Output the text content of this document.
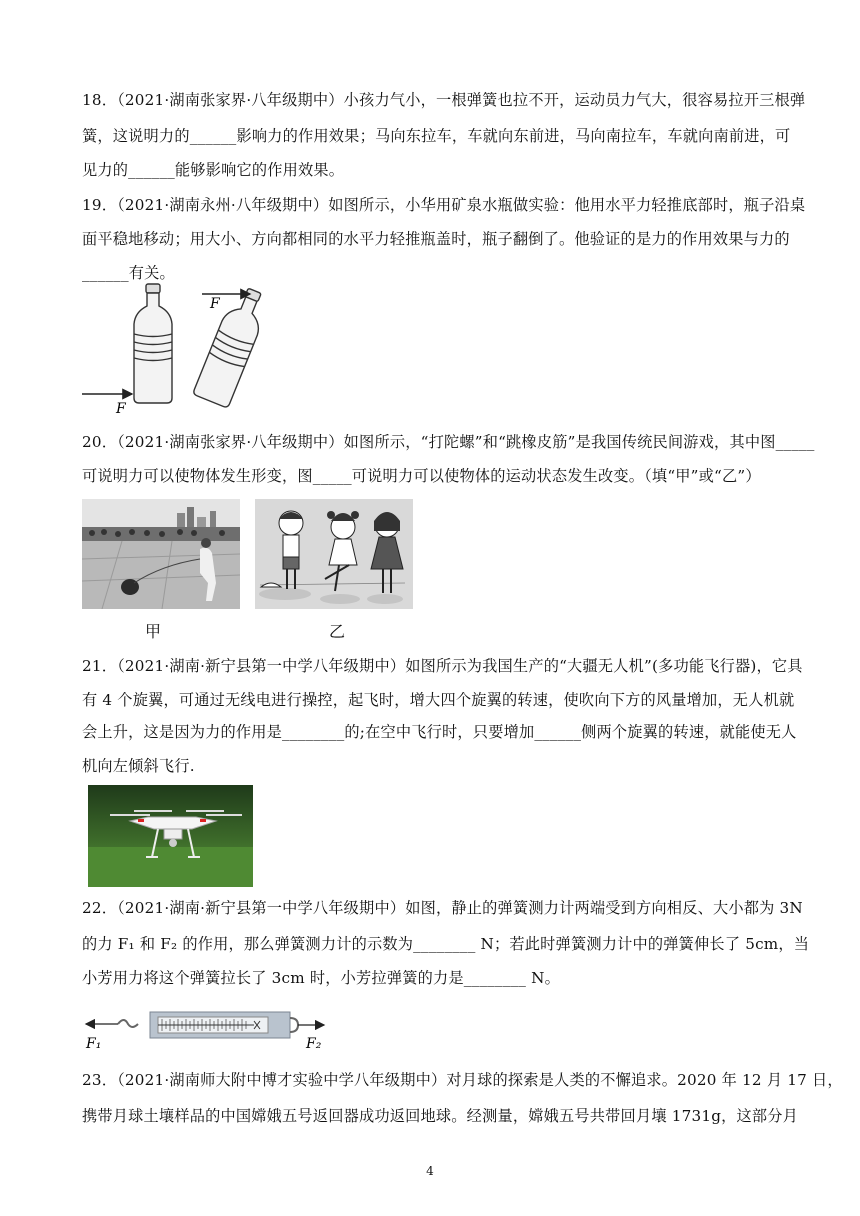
18．（2021·湖南张家界·八年级期中）小孩力气小，一根弹簧也拉不开，运动员力气大，很容易拉开三根弹
簧，这说明力的______影响力的作用效果；马向东拉车，车就向东前进，马向南拉车，车就向南前进，可
见力的______能够影响它的作用效果。
19．（2021·湖南永州·八年级期中）如图所示，小华用矿泉水瓶做实验：他用水平力轻推底部时，瓶子沿桌
面平稳地移动；用大小、方向都相同的水平力轻推瓶盖时，瓶子翻倒了。他验证的是力的作用效果与力的
______有关。
F
F
20．（2021·湖南张家界·八年级期中）如图所示，“打陀螺”和“跳橡皮筋”是我国传统民间游戏，其中图_____
可说明力可以使物体发生形变，图_____可说明力可以使物体的运动状态发生改变。（填“甲”或“乙”）
甲	乙
21．（2021·湖南·新宁县第一中学八年级期中）如图所示为我国生产的“大疆无人机”(多功能飞行器)，它具
有 4 个旋翼，可通过无线电进行操控，起飞时，增大四个旋翼的转速，使吹向下方的风量增加，无人机就
会上升，这是因为力的作用是________的;在空中飞行时，只要增加______侧两个旋翼的转速，就能使无人
机向左倾斜飞行.
22．（2021·湖南·新宁县第一中学八年级期中）如图，静止的弹簧测力计两端受到方向相反、大小都为 3N
的力 F₁ 和 F₂ 的作用，那么弹簧测力计的示数为________ N；若此时弹簧测力计中的弹簧伸长了 5cm，当
小芳用力将这个弹簧拉长了 3cm 时，小芳拉弹簧的力是________ N。
F₁	F₂
23．（2021·湖南师大附中博才实验中学八年级期中）对月球的探索是人类的不懈追求。2020 年 12 月 17 日，
携带月球土壤样品的中国嫦娥五号返回器成功返回地球。经测量，嫦娥五号共带回月壤 1731g，这部分月
4
